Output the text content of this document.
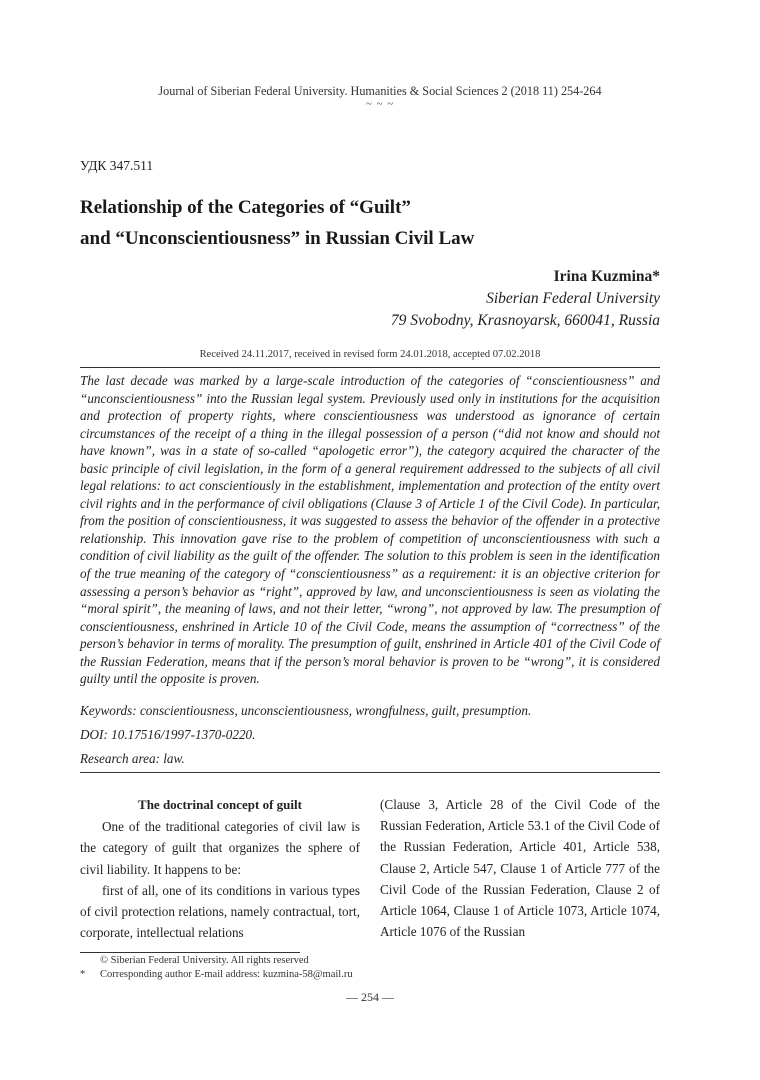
Journal of Siberian Federal University. Humanities & Social Sciences 2 (2018 11) 254-264
~ ~ ~
УДК 347.511
Relationship of the Categories of “Guilt”
and “Unconscientiousness” in Russian Civil Law
Irina Kuzmina*
Siberian Federal University
79 Svobodny, Krasnoyarsk, 660041, Russia
Received 24.11.2017, received in revised form 24.01.2018, accepted 07.02.2018
The last decade was marked by a large-scale introduction of the categories of “conscientiousness” and “unconscientiousness” into the Russian legal system. Previously used only in institutions for the acquisition and protection of property rights, where conscientiousness was understood as ignorance of certain circumstances of the receipt of a thing in the illegal possession of a person (“did not know and should not have known”, was in a state of so-called “apologetic error”), the category acquired the character of the basic principle of civil legislation, in the form of a general requirement addressed to the subjects of all civil legal relations: to act conscientiously in the establishment, implementation and protection of the entity overt civil rights and in the performance of civil obligations (Clause 3 of Article 1 of the Civil Code). In particular, from the position of conscientiousness, it was suggested to assess the behavior of the offender in a protective relationship. This innovation gave rise to the problem of competition of unconscientiousness with such a condition of civil liability as the guilt of the offender. The solution to this problem is seen in the identification of the true meaning of the category of “conscientiousness” as a requirement: it is an objective criterion for assessing a person’s behavior as “right”, approved by law, and unconscientiousness is seen as violating the “moral spirit”, the meaning of laws, and not their letter, “wrong”, not approved by law. The presumption of conscientiousness, enshrined in Article 10 of the Civil Code, means the assumption of “correctness” of the person’s behavior in terms of morality. The presumption of guilt, enshrined in Article 401 of the Civil Code of the Russian Federation, means that if the person’s moral behavior is proven to be “wrong”, it is considered guilty until the opposite is proven.
Keywords: conscientiousness, unconscientiousness, wrongfulness, guilt, presumption.
DOI: 10.17516/1997-1370-0220.
Research area: law.
The doctrinal concept of guilt

One of the traditional categories of civil law is the category of guilt that organizes the sphere of civil liability. It happens to be:

first of all, one of its conditions in various types of civil protection relations, namely contractual, tort, corporate, intellectual relations

(Clause 3, Article 28 of the Civil Code of the Russian Federation, Article 53.1 of the Civil Code of the Russian Federation, Article 401, Article 538, Clause 2, Article 547, Clause 1 of Article 777 of the Civil Code of the Russian Federation, Clause 2 of Article 1064, Clause 1 of Article 1073, Article 1074, Article 1076 of the Russian

© Siberian Federal University. All rights reserved
* Corresponding author E-mail address: kuzmina-58@mail.ru
— 254 —
